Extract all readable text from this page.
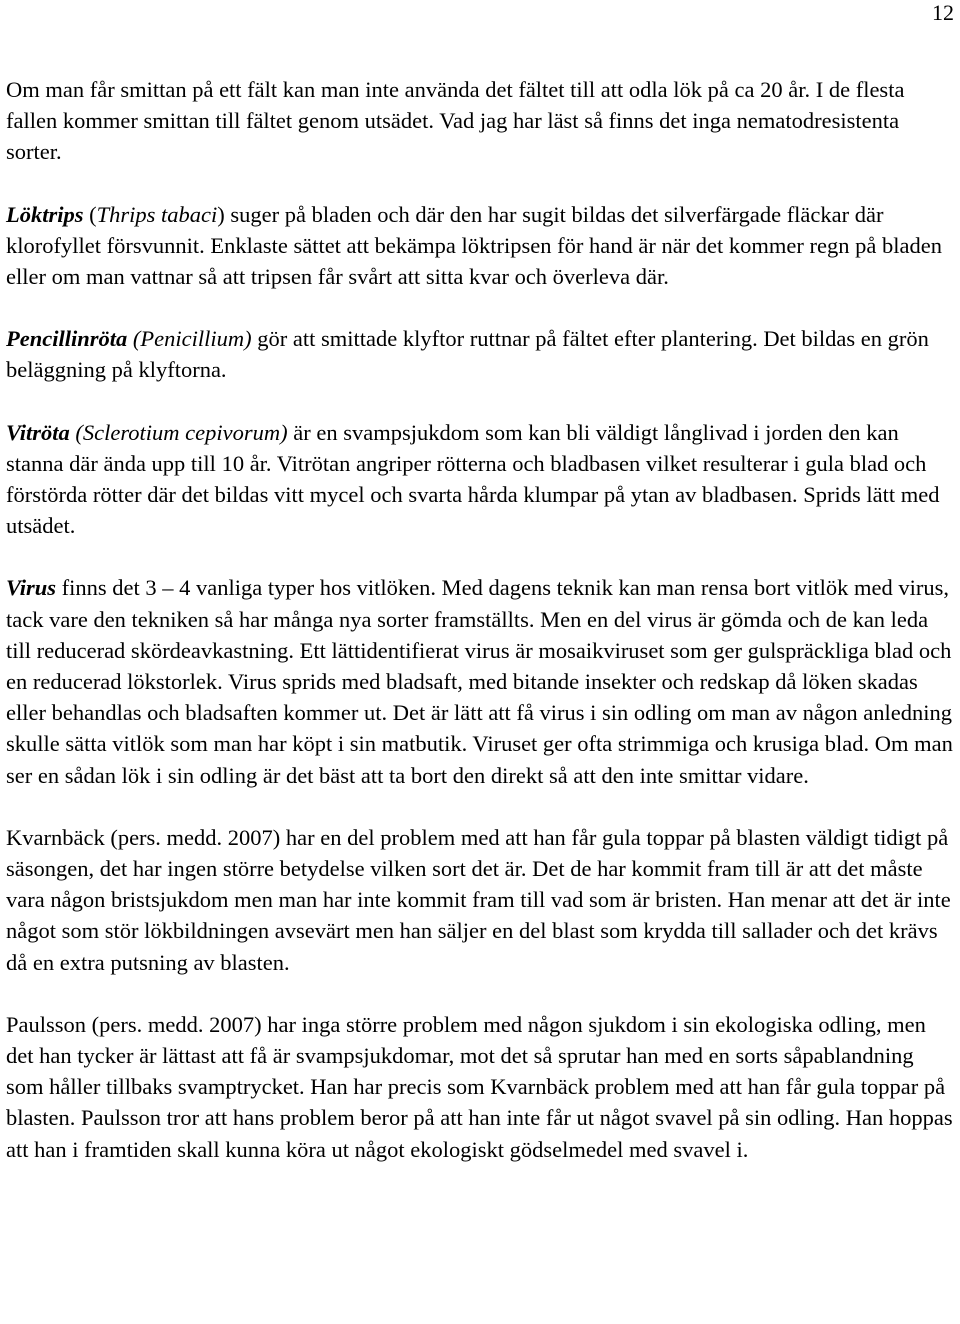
12

Om man får smittan på ett fält kan man inte använda det fältet till att odla lök på ca 20 år. I de flesta fallen kommer smittan till fältet genom utsädet. Vad jag har läst så finns det inga nematodresistenta sorter.

Löktrips (Thrips tabaci) suger på bladen och där den har sugit bildas det silverfärgade fläckar där klorofyllet försvunnit. Enklaste sättet att bekämpa löktripsen för hand är när det kommer regn på bladen eller om man vattnar så att tripsen får svårt att sitta kvar och överleva där.

Pencillinröta (Penicillium) gör att smittade klyftor ruttnar på fältet efter plantering. Det bildas en grön beläggning på klyftorna.

Vitröta (Sclerotium cepivorum) är en svampsjukdom som kan bli väldigt långlivad i jorden den kan stanna där ända upp till 10 år. Vitrötan angriper rötterna och bladbasen vilket resulterar i gula blad och förstörda rötter där det bildas vitt mycel och svarta hårda klumpar på ytan av bladbasen. Sprids lätt med utsädet.

Virus finns det 3 – 4 vanliga typer hos vitlöken. Med dagens teknik kan man rensa bort vitlök med virus, tack vare den tekniken så har många nya sorter framställts. Men en del virus är gömda och de kan leda till reducerad skördeavkastning. Ett lättidentifierat virus är mosaikviruset som ger gulspräckliga blad och en reducerad lökstorlek. Virus sprids med bladsaft, med bitande insekter och redskap då löken skadas eller behandlas och bladsaften kommer ut. Det är lätt att få virus i sin odling om man av någon anledning skulle sätta vitlök som man har köpt i sin matbutik. Viruset ger ofta strimmiga och krusiga blad. Om man ser en sådan lök i sin odling är det bäst att ta bort den direkt så att den inte smittar vidare.

Kvarnbäck (pers. medd. 2007) har en del problem med att han får gula toppar på blasten väldigt tidigt på säsongen, det har ingen större betydelse vilken sort det är. Det de har kommit fram till är att det måste vara någon bristsjukdom men man har inte kommit fram till vad som är bristen. Han menar att det är inte något som stör lökbildningen avsevärt men han säljer en del blast som krydda till sallader och det krävs då en extra putsning av blasten.

Paulsson (pers. medd. 2007) har inga större problem med någon sjukdom i sin ekologiska odling, men det han tycker är lättast att få är svampsjukdomar, mot det så sprutar han med en sorts såpablandning som håller tillbaks svamptrycket. Han har precis som Kvarnbäck problem med att han får gula toppar på blasten. Paulsson tror att hans problem beror på att han inte får ut något svavel på sin odling. Han hoppas att han i framtiden skall kunna köra ut något ekologiskt gödselmedel med svavel i.
